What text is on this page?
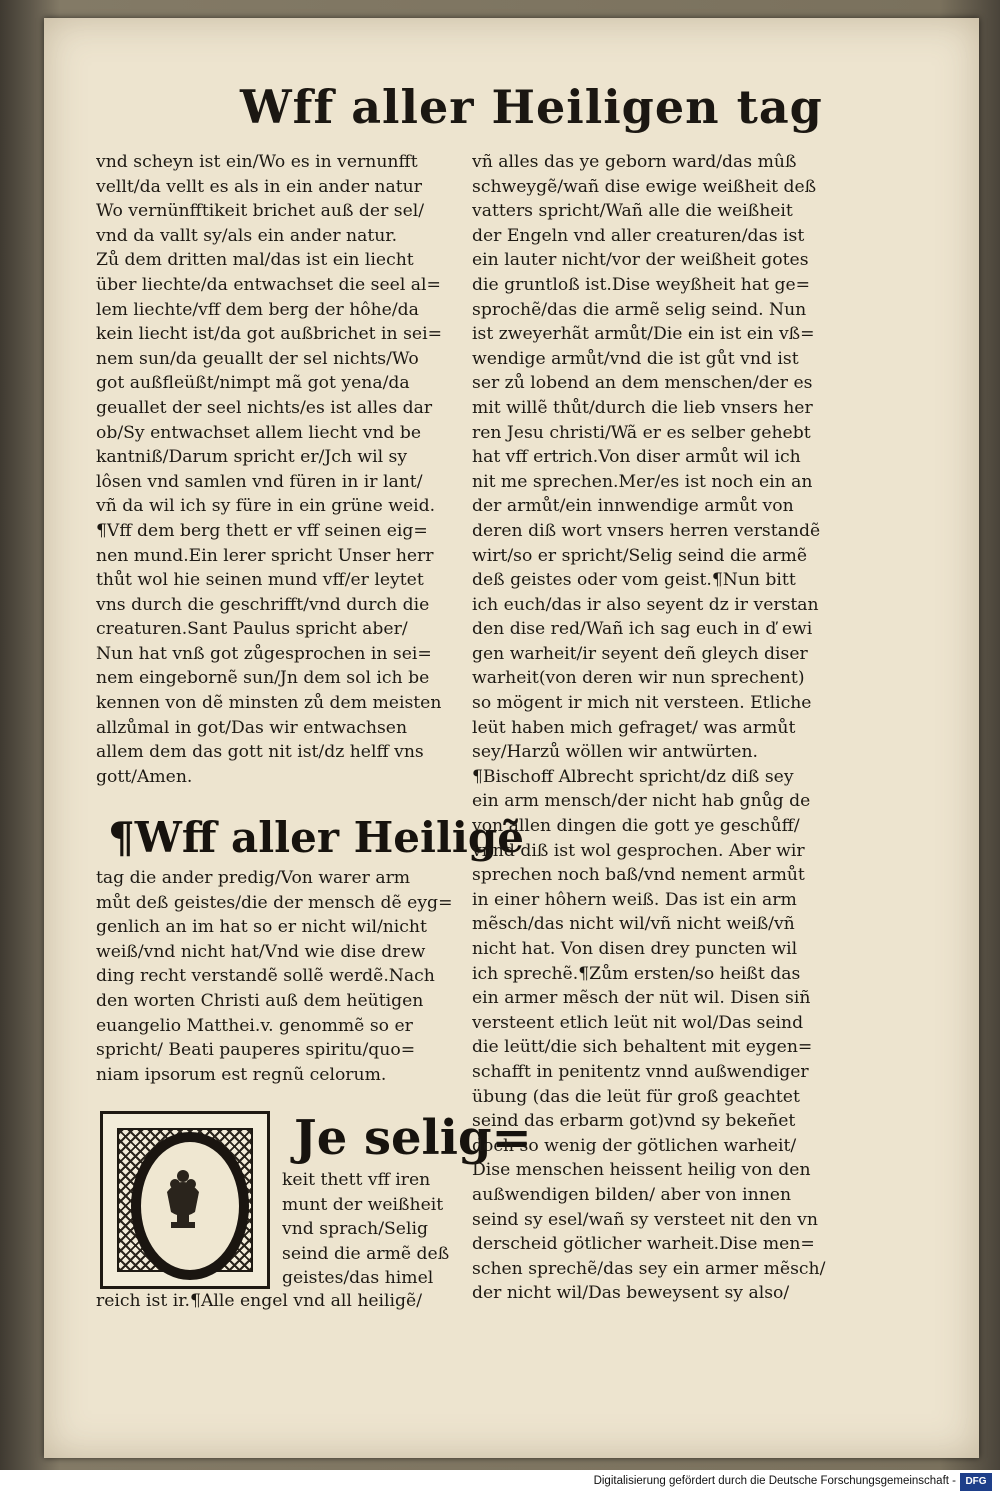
Wff aller Heiligen tag
vnd scheyn ist ein/Wo es in vernunfft
vellt/da vellt es als in ein ander natur
Wo vernünfftikeit brichet auß der sel/
vnd da vallt sy/als ein ander natur.
Zů dem dritten mal/das ist ein liecht
über liechte/da entwachset die seel al=
lem liechte/vff dem berg der hôhe/da
kein liecht ist/da got außbrichet in sei=
nem sun/da geuallt der sel nichts/Wo
got außfleüßt/nimpt mã got yena/da
geuallet der seel nichts/es ist alles dar
ob/Sy entwachset allem liecht vnd be
kantniß/Darum spricht er/Jch wil sy
lôsen vnd samlen vnd füren in ir lant/
vñ da wil ich sy füre in ein grüne weid.
¶Vff dem berg thett er vff seinen eig=
nen mund.Ein lerer spricht Unser herr
thůt wol hie seinen mund vff/er leytet
vns durch die geschrifft/vnd durch die
creaturen.Sant Paulus spricht aber/
Nun hat vnß got zůgesprochen in sei=
nem eingebornẽ sun/Jn dem sol ich be
kennen von dẽ minsten zů dem meisten
allzůmal in got/Das wir entwachsen
allem dem das gott nit ist/dz helff vns
gott/Amen.
¶Wff aller Heiligẽ
tag die ander predig/Von warer arm
můt deß geistes/die der mensch dẽ eyg=
genlich an im hat so er nicht wil/nicht
weiß/vnd nicht hat/Vnd wie dise drew
ding recht verstandẽ sollẽ werdẽ.Nach
den worten Christi auß dem heütigen
euangelio Matthei.v. genommẽ so er
spricht/ Beati pauperes spiritu/quo=
niam ipsorum est regnũ celorum.
Je selig=
keit thett vff iren
munt der weißheit
vnd sprach/Selig
seind die armẽ deß
geistes/das himel
reich ist ir.¶Alle engel vnd all heiligẽ/
vñ alles das ye geborn ward/das mûß
schweygẽ/wañ dise ewige weißheit deß
vatters spricht/Wañ alle die weißheit
der Engeln vnd aller creaturen/das ist
ein lauter nicht/vor der weißheit gotes
die gruntloß ist.Dise weyßheit hat ge=
sprochẽ/das die armẽ selig seind. Nun
ist zweyerhãt armůt/Die ein ist ein vß=
wendige armůt/vnd die ist gůt vnd ist
ser zů lobend an dem menschen/der es
mit willẽ thůt/durch die lieb vnsers her
ren Jesu christi/Wã er es selber gehebt
hat vff ertrich.Von diser armůt wil ich
nit me sprechen.Mer/es ist noch ein an
der armůt/ein innwendige armůt von
deren diß wort vnsers herren verstandẽ
wirt/so er spricht/Selig seind die armẽ
deß geistes oder vom geist.¶Nun bitt
ich euch/das ir also seyent dz ir verstan
den dise red/Wañ ich sag euch in ď ewi
gen warheit/ir seyent deñ gleych diser
warheit(von deren wir nun sprechent)
so mögent ir mich nit versteen. Etliche
leüt haben mich gefraget/ was armůt
sey/Harzů wöllen wir antwürten.
¶Bischoff Albrecht spricht/dz diß sey
ein arm mensch/der nicht hab gnůg de
von allen dingen die gott ye geschůff/
vnnd diß ist wol gesprochen. Aber wir
sprechen noch baß/vnd nement armůt
in einer hôhern weiß. Das ist ein arm
mẽsch/das nicht wil/vñ nicht weiß/vñ
nicht hat. Von disen drey puncten wil
ich sprechẽ.¶Zům ersten/so heißt das
ein armer mẽsch der nüt wil. Disen siñ
versteent etlich leüt nit wol/Das seind
die leütt/die sich behaltent mit eygen=
schafft in penitentz vnnd außwendiger
übung (das die leüt für groß geachtet
seind das erbarm got)vnd sy bekeñet
doch so wenig der götlichen warheit/
Dise menschen heissent heilig von den
außwendigen bilden/ aber von innen
seind sy esel/wañ sy versteet nit den vn
derscheid götlicher warheit.Dise men=
schen sprechẽ/das sey ein armer mẽsch/
der nicht wil/Das beweysent sy also/
Digitalisierung gefördert durch die Deutsche Forschungsgemeinschaft - DFG
